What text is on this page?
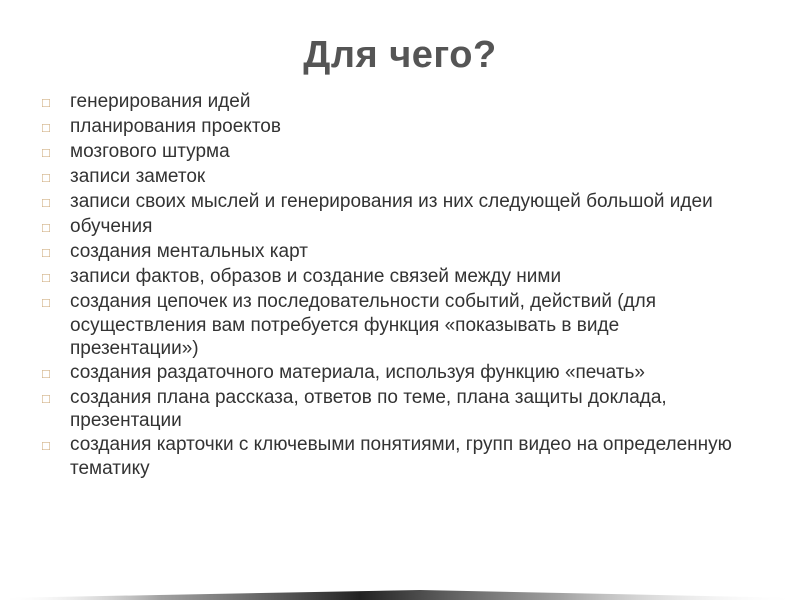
Для чего?
□	генерирования идей
□	планирования проектов
□	мозгового штурма
□	записи заметок
□	записи своих мыслей и генерирования из них следующей большой идеи
□	обучения
□	создания ментальных карт
□	записи фактов, образов и создание связей между ними
□	создания цепочек из последовательности событий, действий (для осуществления вам потребуется функция «показывать в виде презентации»)
□	создания раздаточного материала, используя функцию «печать»
□	создания плана рассказа, ответов по теме, плана защиты доклада, презентации
□	создания карточки с ключевыми понятиями, групп видео на определенную тематику
